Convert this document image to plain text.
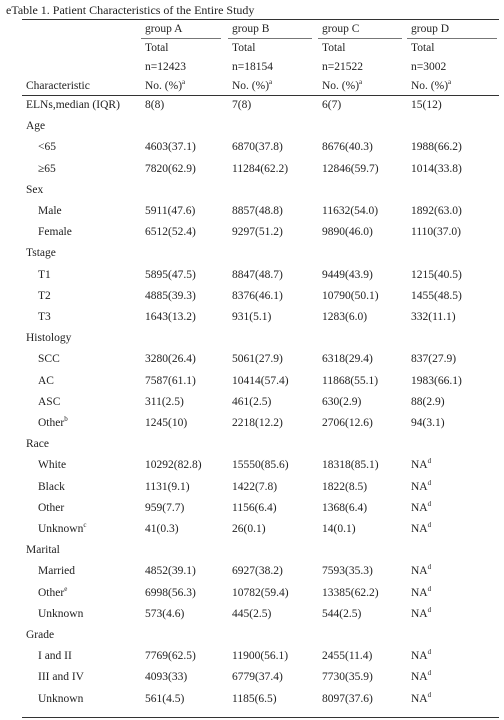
eTable 1. Patient Characteristics of the Entire Study
group A	group B	group C	group D
Total	Total	Total	Total
n=12423	n=18154	n=21522	n=3002
Characteristic	No. (%)$^a$	No. (%)$^a$	No. (%)$^a$	No. (%)$^a$
ELNs,median (IQR) 8(8)	7(8)	6(7)	15(12)
Age
<65	4603(37.1)	6870(37.8)	8676(40.3)	1988(66.2)
≥65	7820(62.9)	11284(62.2)	12846(59.7)	1014(33.8)
Sex
Male	5911(47.6)	8857(48.8)	11632(54.0)	1892(63.0)
Female	6512(52.4)	9297(51.2)	9890(46.0)	1110(37.0)
Tstage
T1	5895(47.5)	8847(48.7)	9449(43.9)	1215(40.5)
T2	4885(39.3)	8376(46.1)	10790(50.1)	1455(48.5)
T3	1643(13.2)	931(5.1)	1283(6.0)	332(11.1)
Histology
SCC	3280(26.4)	5061(27.9)	6318(29.4)	837(27.9)
AC	7587(61.1)	10414(57.4)	11868(55.1)	1983(66.1)
ASC	311(2.5)	461(2.5)	630(2.9)	88(2.9)
Other$^b$	1245(10)	2218(12.2)	2706(12.6)	94(3.1)
Race
White	10292(82.8)	15550(85.6)	18318(85.1)	$NA^d$
Black	1131(9.1)	1422(7.8)	1822(8.5)	$NA^d$
Other	959(7.7)	1156(6.4)	1368(6.4)	$NA^d$
Unknown$^c$	41(0.3)	26(0.1)	14(0.1)	$NA^d$
Marital
Married	4852(39.1)	6927(38.2)	7593(35.3)	$NA^d$
Other$^e$	6998(56.3)	10782(59.4)	13385(62.2)	$NA^d$
Unknown	573(4.6)	445(2.5)	544(2.5)	$NA^d$
Grade
I and II	7769(62.5)	11900(56.1)	2455(11.4)	$NA^d$
III and IV	4093(33)	6779(37.4)	7730(35.9)	$NA^d$
Unknown	561(4.5)	1185(6.5)	8097(37.6)	$NA^d$
